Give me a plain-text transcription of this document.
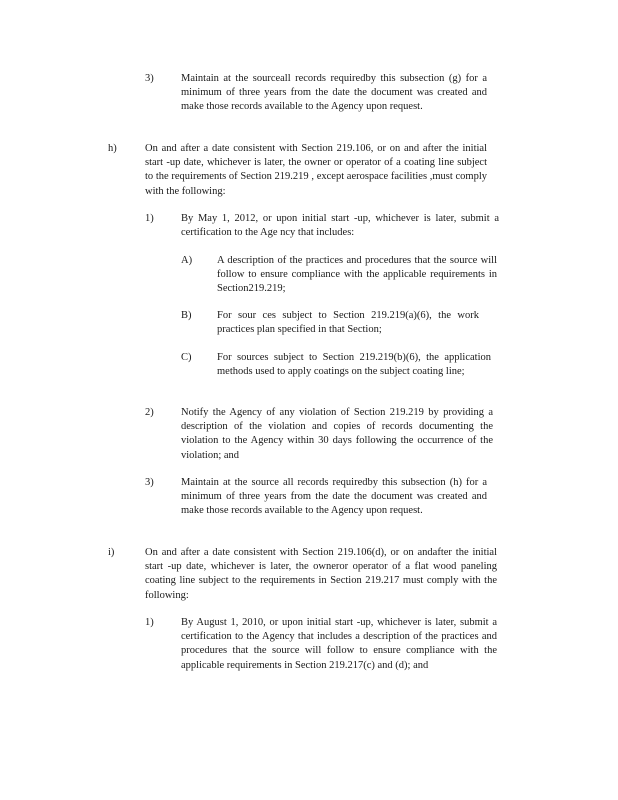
3)	Maintain at the sourceall records requiredby this subsection (g) for a minimum of three years from the date the document was created and make those records available to the Agency upon request.
h)	On and after a date consistent with Section 219.106, or on and after the initial start -up date, whichever is later, the owner or operator of a coating line subject to the requirements of Section 219.219 , except aerospace facilities ,must comply with the following:
1)	By May 1, 2012, or upon initial start -up, whichever is later, submit a certification to the Age ncy that includes:
A) A description of the practices and procedures that the source will follow to ensure compliance with the applicable requirements in Section219.219;
B) For sour ces subject to Section 219.219(a)(6), the work practices plan specified in that Section;
C) For sources subject to Section 219.219(b)(6), the application methods used to apply coatings on the subject coating line;
2)	Notify the Agency of any violation of Section 219.219 by providing a description of the violation and copies of records documenting the violation to the Agency within 30 days following the occurrence of the violation; and
3)	Maintain at the source all records requiredby this subsection (h) for a minimum of three years from the date the document was created and make those records available to the Agency upon request.
i)	On and after a date consistent with Section 219.106(d), or on andafter the initial start -up date, whichever is later, the owneror operator of a flat wood paneling coating line subject to the requirements in Section 219.217 must comply with the following:
1)	By August 1, 2010, or upon initial start -up, whichever is later, submit a certification to the Agency that includes a description of the practices and procedures that the source will follow to ensure compliance with the applicable requirements in Section 219.217(c) and (d); and
